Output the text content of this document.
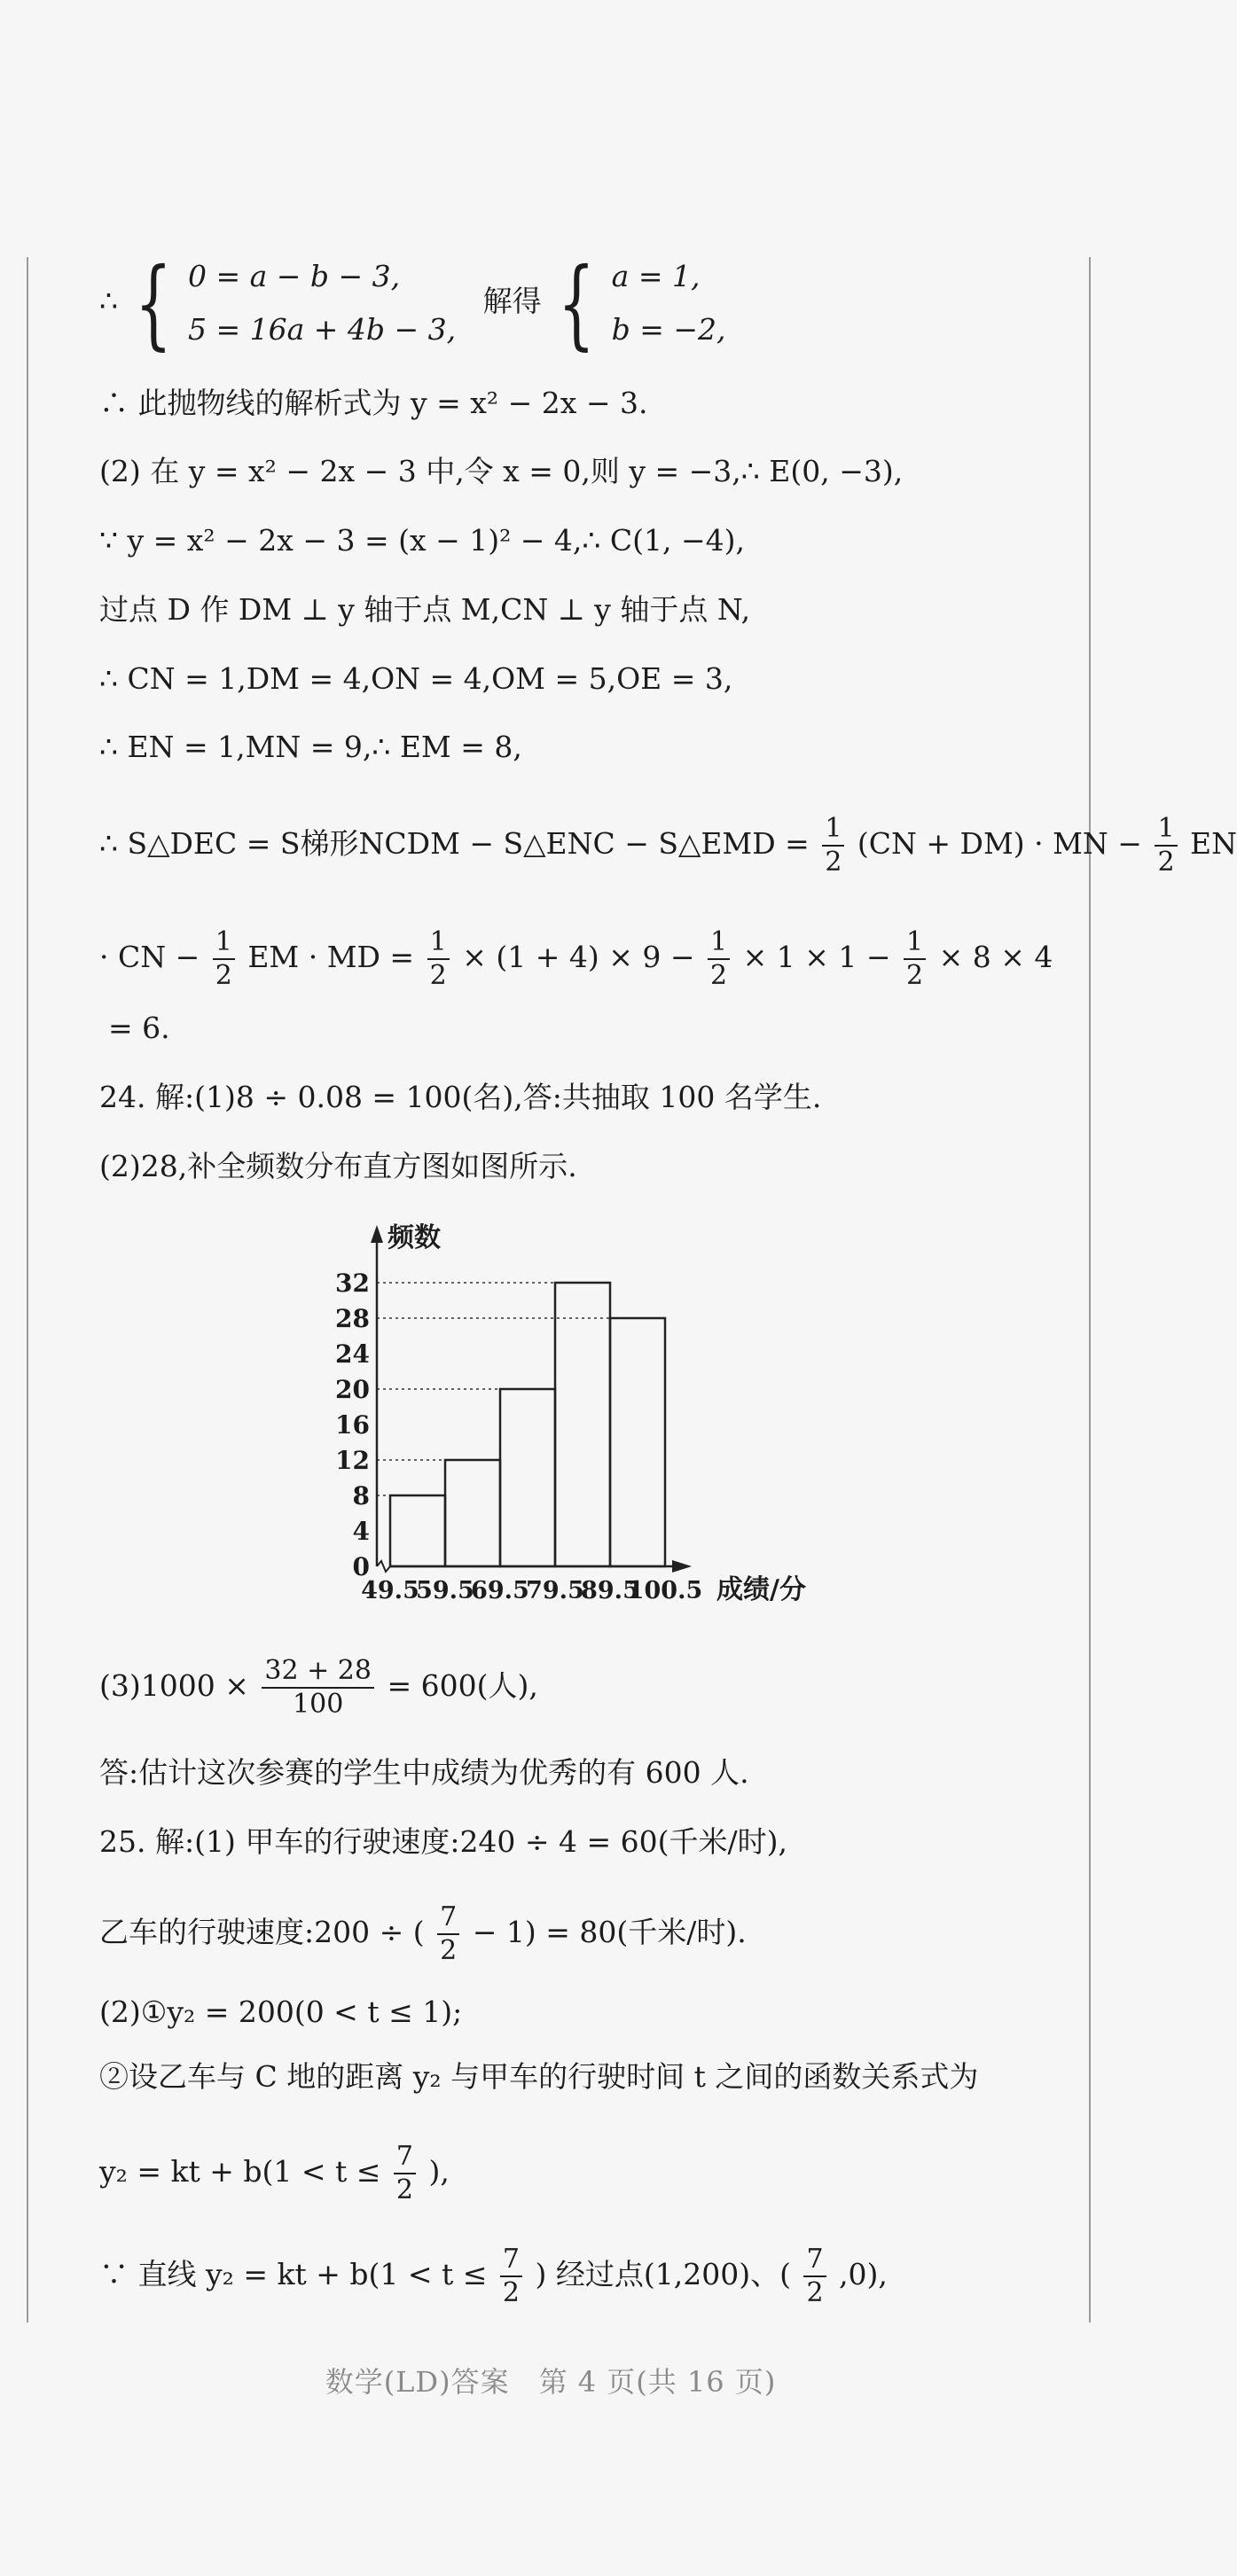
∴ { 0 = a − b − 3,
5 = 16a + 4b − 3,
解得 { a = 1,
b = −2,
∴ 此抛物线的解析式为 y = x² − 2x − 3.
(2) 在 y = x² − 2x − 3 中,令 x = 0,则 y = −3,∴ E(0, −3),
∵ y = x² − 2x − 3 = (x − 1)² − 4,∴ C(1, −4),
过点 D 作 DM ⊥ y 轴于点 M,CN ⊥ y 轴于点 N,
∴ CN = 1,DM = 4,ON = 4,OM = 5,OE = 3,
∴ EN = 1,MN = 9,∴ EM = 8,
∴ S△DEC = S梯形NCDM − S△ENC − S△EMD = $\frac{1}{2} (CN + DM)$ · MN − $\frac{1}{2}$ EN
· CN − $\frac{1}{2}$ EM · MD = $\frac{1}{2} \times (1 + 4) \times 9 - \frac{1}{2} \times 1 \times 1 - \frac{1}{2} \times 8 \times 4$
= 6.
24. 解:(1)8 ÷ 0.08 = 100(名),答:共抽取 100 名学生.
(2)28,补全频数分布直方图如图所示.
0
4
8
12
16
20
24
28
32
49.5
59.5
69.5
79.5
89.5
100.5
频数
成绩/分
$(3)1000 \times \frac{32 + 28}{100} = 600$(人),
答:估计这次参赛的学生中成绩为优秀的有 600 人.
25. 解:(1) 甲车的行驶速度:240 ÷ 4 = 60(千米/时),
乙车的行驶速度:200 ÷ ( $\frac{7}{2} - 1) = 80$(千米/时).
(2)①y₂ = 200(0 < t ≤ 1);
②设乙车与 C 地的距离 y₂ 与甲车的行驶时间 t 之间的函数关系式为
y₂ = kt + $b(1 < t \le \frac{7}{2}$ ),
∵ 直线 y₂ = kt + $b(1 < t \le \frac{7}{2}$ ) 经过点(1,200)、( $\frac{7}{2} ,0$),
数学(LD)答案　第 4 页(共 16 页)
